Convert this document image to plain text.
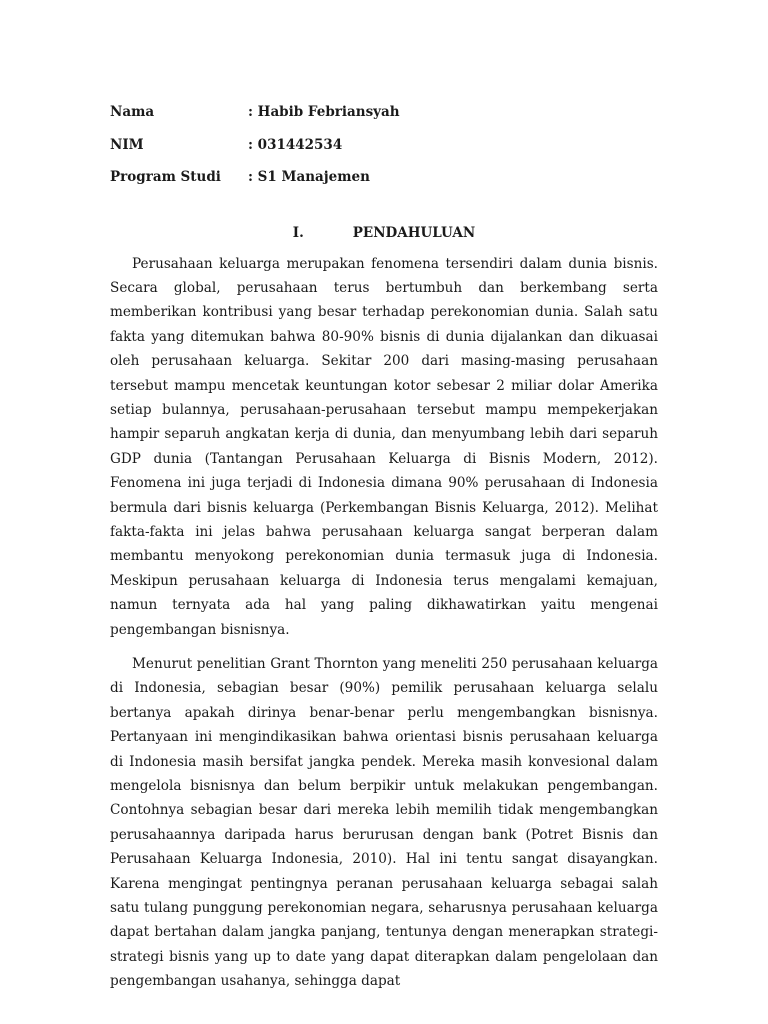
Nama	: Habib Febriansyah
NIM	: 031442534
Program Studi	: S1 Manajemen
I.	PENDAHULUAN

Perusahaan keluarga merupakan fenomena tersendiri dalam dunia bisnis. Secara global, perusahaan terus bertumbuh dan berkembang serta memberikan kontribusi yang besar terhadap perekonomian dunia. Salah satu fakta yang ditemukan bahwa 80-90% bisnis di dunia dijalankan dan dikuasai oleh perusahaan keluarga. Sekitar 200 dari masing-masing perusahaan tersebut mampu mencetak keuntungan kotor sebesar 2 miliar dolar Amerika setiap bulannya, perusahaan-perusahaan tersebut mampu mempekerjakan hampir separuh angkatan kerja di dunia, dan menyumbang lebih dari separuh GDP dunia (Tantangan Perusahaan Keluarga di Bisnis Modern, 2012). Fenomena ini juga terjadi di Indonesia dimana 90% perusahaan di Indonesia bermula dari bisnis keluarga (Perkembangan Bisnis Keluarga, 2012). Melihat fakta-fakta ini jelas bahwa perusahaan keluarga sangat berperan dalam membantu menyokong perekonomian dunia termasuk juga di Indonesia. Meskipun perusahaan keluarga di Indonesia terus mengalami kemajuan, namun ternyata ada hal yang paling dikhawatirkan yaitu mengenai pengembangan bisnisnya.

Menurut penelitian Grant Thornton yang meneliti 250 perusahaan keluarga di Indonesia, sebagian besar (90%) pemilik perusahaan keluarga selalu bertanya apakah dirinya benar-benar perlu mengembangkan bisnisnya. Pertanyaan ini mengindikasikan bahwa orientasi bisnis perusahaan keluarga di Indonesia masih bersifat jangka pendek. Mereka masih konvesional dalam mengelola bisnisnya dan belum berpikir untuk melakukan pengembangan. Contohnya sebagian besar dari mereka lebih memilih tidak mengembangkan perusahaannya daripada harus berurusan dengan bank (Potret Bisnis dan Perusahaan Keluarga Indonesia, 2010). Hal ini tentu sangat disayangkan. Karena mengingat pentingnya peranan perusahaan keluarga sebagai salah satu tulang punggung perekonomian negara, seharusnya perusahaan keluarga dapat bertahan dalam jangka panjang, tentunya dengan menerapkan strategi-strategi bisnis yang up to date yang dapat diterapkan dalam pengelolaan dan pengembangan usahanya, sehingga dapat
